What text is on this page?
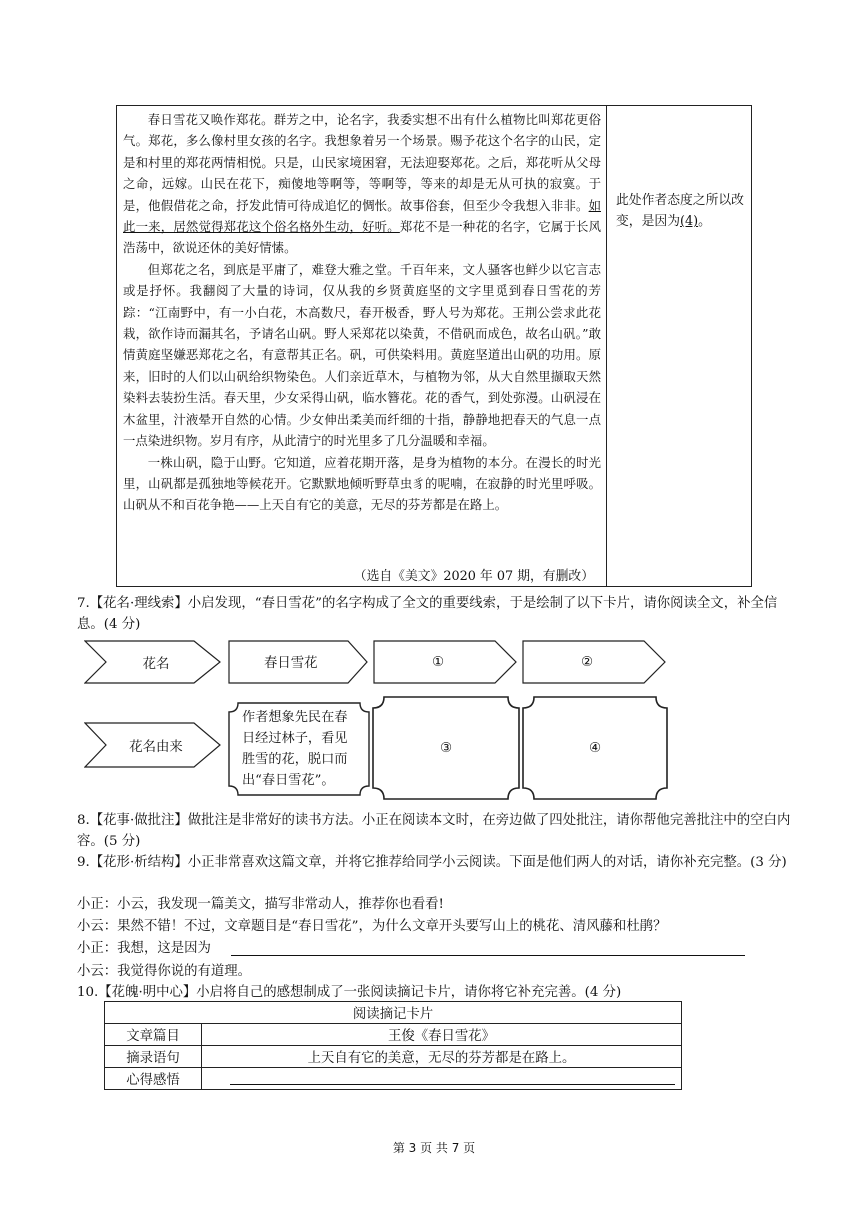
春日雪花又唤作郑花。群芳之中，论名字，我委实想不出有什么植物比叫郑花更俗气。郑花，多么像村里女孩的名字。我想象着另一个场景。赐予花这个名字的山民，定是和村里的郑花两情相悦。只是，山民家境困窘，无法迎娶郑花。之后，郑花听从父母之命，远嫁。山民在花下，痴傻地等啊等，等啊等，等来的却是无从可执的寂寞。于是，他假借花之命，抒发此情可待成追忆的惆怅。故事俗套，但至少令我想入非非。如此一来，居然觉得郑花这个俗名格外生动，好听。郑花不是一种花的名字，它属于长风浩荡中，欲说还休的美好情愫。

但郑花之名，到底是平庸了，难登大雅之堂。千百年来，文人骚客也鲜少以它言志或是抒怀。我翻阅了大量的诗词，仅从我的乡贤黄庭坚的文字里觅到春日雪花的芳踪：“江南野中，有一小白花，木高数尺，春开极香，野人号为郑花。王荆公尝求此花栽，欲作诗而漏其名，予请名山矾。野人采郑花以染黄，不借矾而成色，故名山矾。”敢情黄庭坚嫌恶郑花之名，有意帮其正名。矾，可供染料用。黄庭坚道出山矾的功用。原来，旧时的人们以山矾给织物染色。人们亲近草木，与植物为邻，从大自然里撷取天然染料去装扮生活。春天里，少女采得山矾，临水簪花。花的香气，到处弥漫。山矾浸在木盆里，汁液晕开自然的心情。少女伸出柔美而纤细的十指，静静地把春天的气息一点一点染进织物。岁月有序，从此清宁的时光里多了几分温暖和幸福。

一株山矾，隐于山野。它知道，应着花期开落，是身为植物的本分。在漫长的时光里，山矾都是孤独地等候花开。它默默地倾听野草虫豸的呢喃，在寂静的时光里呼吸。山矾从不和百花争艳——上天自有它的美意，无尽的芬芳都是在路上。

（选自《美文》2020 年 07 期，有删改）
此处作者态度之所以改变，是因为(4)。
7.【花名·理线索】小启发现，“春日雪花”的名字构成了全文的重要线索，于是绘制了以下卡片，请你阅读全文，补全信息。(4 分)
花名	春日雪花	①	②
花名由来
作者想象先民在春日经过林子，看见胜雪的花，脱口而出“春日雪花”。
③	④
8.【花事·做批注】做批注是非常好的读书方法。小正在阅读本文时，在旁边做了四处批注，请你帮他完善批注中的空白内容。(5 分)
9.【花形·析结构】小正非常喜欢这篇文章，并将它推荐给同学小云阅读。下面是他们两人的对话，请你补充完整。(3 分)
小正：小云，我发现一篇美文，描写非常动人，推荐你也看看!
小云：果然不错！不过，文章题目是“春日雪花”，为什么文章开头要写山上的桃花、清风藤和杜鹃？
小正：我想，这是因为
小云：我觉得你说的有道理。
10.【花魄·明中心】小启将自己的感想制成了一张阅读摘记卡片，请你将它补充完善。(4 分)
阅读摘记卡片	
文章篇目	王俊《春日雪花》
摘录语句	上天自有它的美意，无尽的芬芳都是在路上。
心得感悟	
第 3 页 共 7 页
